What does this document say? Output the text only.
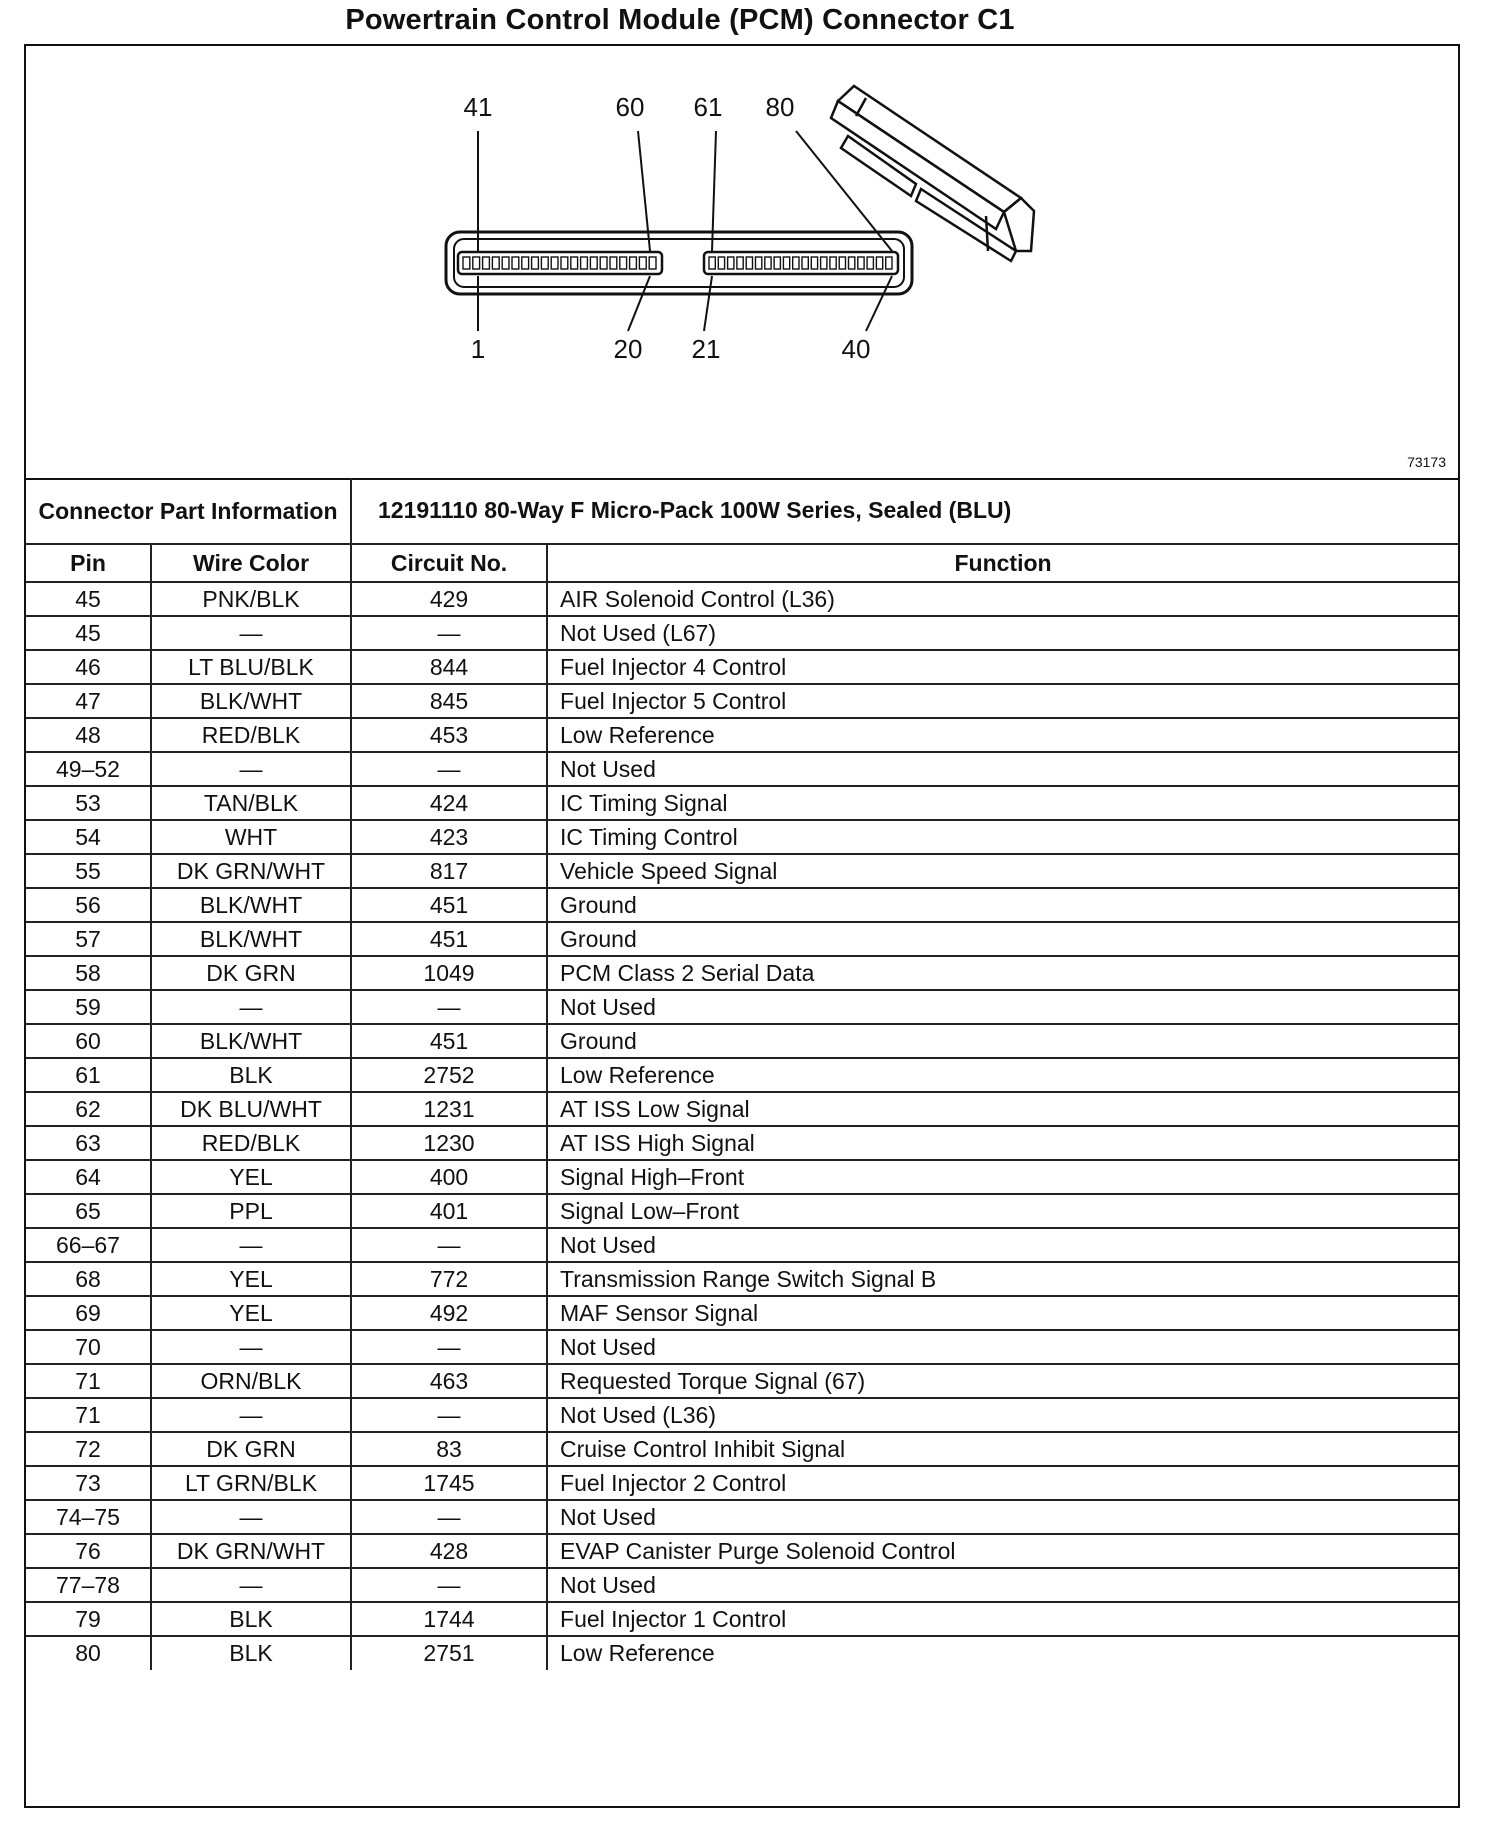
Powertrain Control Module (PCM) Connector C1
41	60 61 80
1	20 21	40
73173
Connector Part Information		12191110 80-Way F Micro-Pack 100W Series, Sealed (BLU)	
Pin	Wire Color	Circuit No.	Function
45	PNK/BLK	429	AIR Solenoid Control (L36)
45	—	—	Not Used (L67)
46	LT BLU/BLK	844	Fuel Injector 4 Control
47	BLK/WHT	845	Fuel Injector 5 Control
48	RED/BLK	453	Low Reference
49–52	—	—	Not Used
53	TAN/BLK	424	IC Timing Signal
54	WHT	423	IC Timing Control
55	DK GRN/WHT	817	Vehicle Speed Signal
56	BLK/WHT	451	Ground
57	BLK/WHT	451	Ground
58	DK GRN	1049	PCM Class 2 Serial Data
59	—	—	Not Used
60	BLK/WHT	451	Ground
61	BLK	2752	Low Reference
62	DK BLU/WHT	1231	AT ISS Low Signal
63	RED/BLK	1230	AT ISS High Signal
64	YEL	400	Signal High–Front
65	PPL	401	Signal Low–Front
66–67	—	—	Not Used
68	YEL	772	Transmission Range Switch Signal B
69	YEL	492	MAF Sensor Signal
70	—	—	Not Used
71	ORN/BLK	463	Requested Torque Signal (67)
71	—	—	Not Used (L36)
72	DK GRN	83	Cruise Control Inhibit Signal
73	LT GRN/BLK	1745	Fuel Injector 2 Control
74–75	—	—	Not Used
76	DK GRN/WHT	428	EVAP Canister Purge Solenoid Control
77–78	—	—	Not Used
79	BLK	1744	Fuel Injector 1 Control
80	BLK	2751	Low Reference
